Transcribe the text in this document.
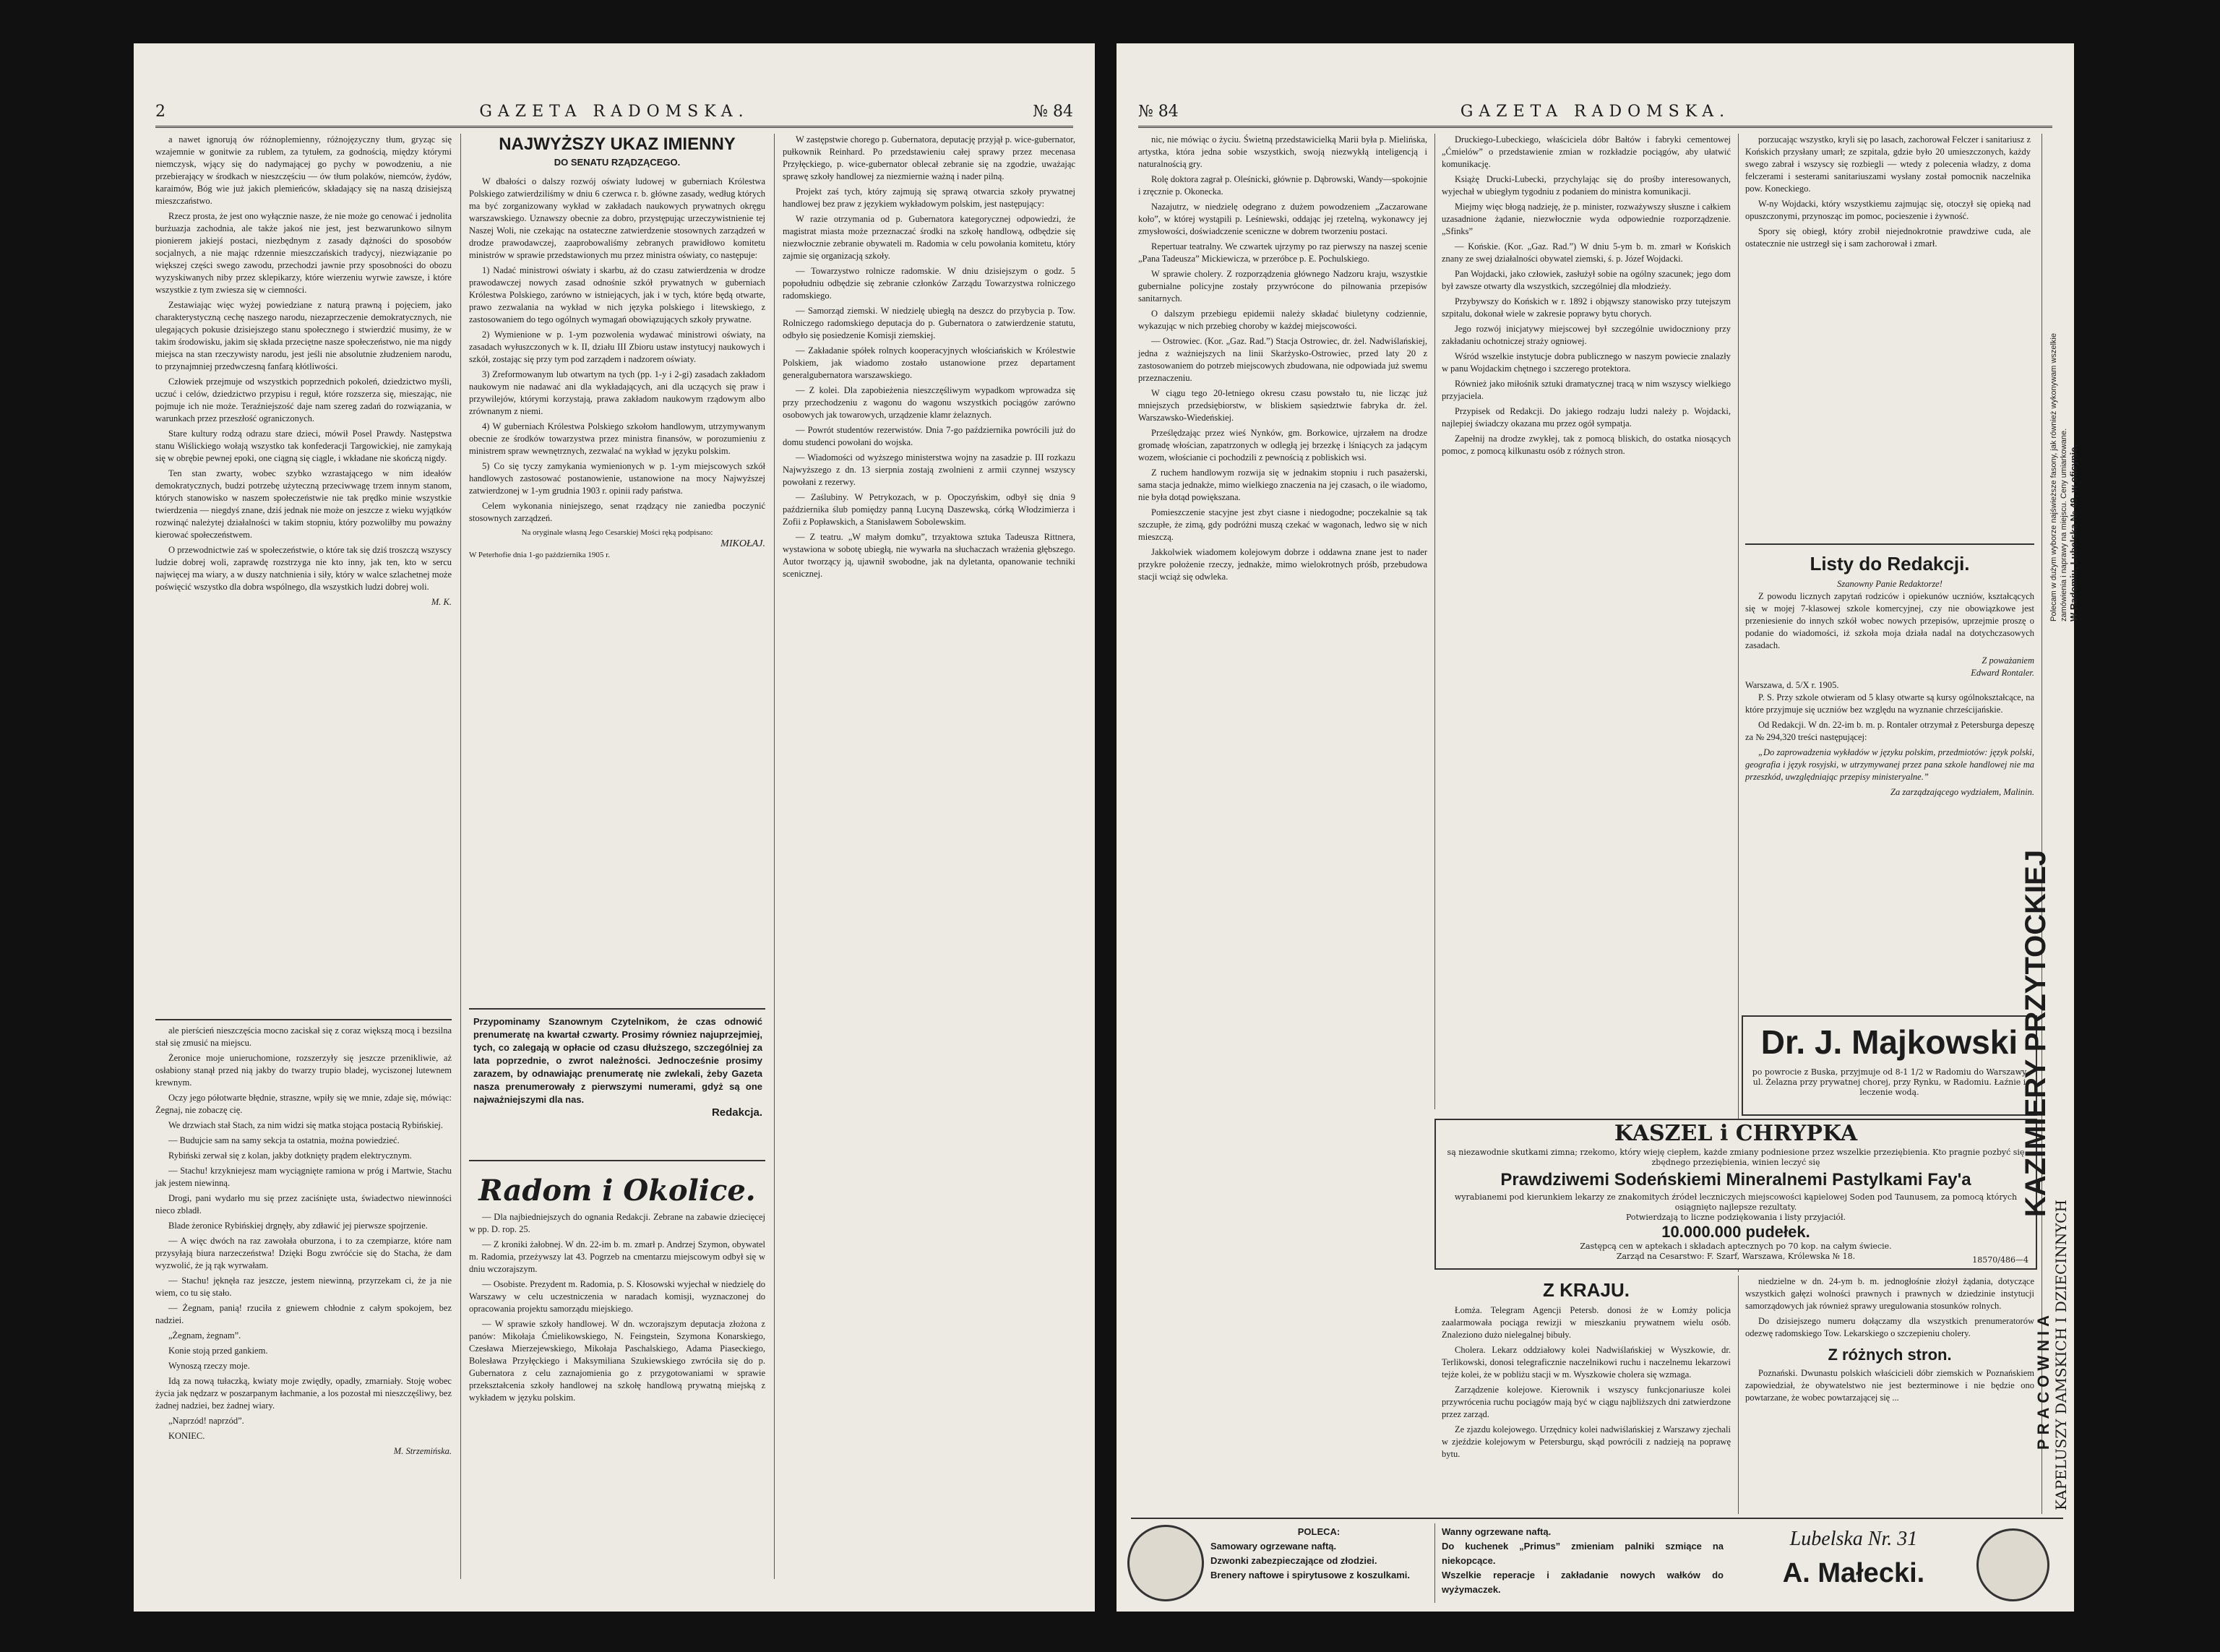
2	GAZETA RADOMSKA.	№ 84

a nawet ignorują ów różnoplemienny, różnojęzyczny tłum, gryząc się wzajemnie w gonitwie za rublem, za tytułem, za godnością, między którymi niemczysk, wjący się do nadymającej go pychy w powodzeniu, a nie przebierający w środkach w nieszczęściu — ów tłum polaków, niemców, żydów, karaimów, Bóg wie już jakich plemieńców, składający się na naszą dzisiejszą mieszczaństwo.

Rzecz prosta, że jest ono wyłącznie nasze, że nie może go cenować i jednolita burżuazja zachodnia, ale także jakoś nie jest, jest bezwarunkowo silnym pionierem jakiejś postaci, niezbędnym z zasady dążności do sposobów socjalnych, a nie mając rdzennie mieszczańskich tradycyj, niezwiązanie po większej części swego zawodu, przechodzi jawnie przy sposobności do obozu wyzyskiwanych niby przez sklepikarzy, które wierzeniu wyrwie zawsze, i które wszystkie z tym zwiesza się w ciemności.

Zestawiając więc wyżej powiedziane z naturą prawną i pojęciem, jako charakterystyczną cechę naszego narodu, niezaprzeczenie demokratycznych, nie ulegających pokusie dzisiejszego stanu społecznego i stwierdzić musimy, że w takim środowisku, jakim się składa przeciętne nasze społeczeństwo, nie ma nigdy miejsca na stan rzeczywisty narodu, jest jeśli nie absolutnie złudzeniem narodu, to przynajmniej przedwczesną fanfarą kłótliwości.

Człowiek przejmuje od wszystkich poprzednich pokoleń, dziedzictwo myśli, uczuć i celów, dziedzictwo przypisu i reguł, które rozszerza się, mieszając, nie pojmuje ich nie może. Teraźniejszość daje nam szereg zadań do rozwiązania, w warunkach przez przeszłość ograniczonych.

Stare kultury rodzą odrazu stare dzieci, mówił Posel Prawdy. Następstwa stanu Wiślickiego wołają wszystko tak konfederacji Targowickiej, nie zamykają się w obrębie pewnej epoki, one ciągną się ciągle, i wkładane nie skończą nigdy.

Ten stan zwarty, wobec szybko wzrastającego w nim ideałów demokratycznych, budzi potrzebę użyteczną przeciwwagę trzem innym stanom, których stanowisko w naszem społeczeństwie nie tak prędko minie wszystkie twierdzenia — niegdyś znane, dziś jednak nie może on jeszcze z wieku wyjątków rozwinąć należytej działalności w takim stopniu, który pozwoliłby mu poważny kierować społeczeństwem.

O przewodnictwie zaś w społeczeństwie, o które tak się dziś troszczą wszyscy ludzie dobrej woli, zaprawdę rozstrzyga nie kto inny, jak ten, kto w sercu najwięcej ma wiary, a w duszy natchnienia i siły, który w walce szlachetnej może poświęcić wszystko dla dobra wspólnego, dla wszystkich ludzi dobrej woli.

M. K.

ale pierścień nieszczęścia mocno zaciskał się z coraz większą mocą i bezsilna stał się zmusić na miejscu.

Żeronice moje unieruchomione, rozszerzyły się jeszcze przenikliwie, aż osłabiony stanął przed nią jakby do twarzy trupio bladej, wyciszonej lutewnem krewnym.

Oczy jego półotwarte błędnie, straszne, wpiły się we mnie, zdaje się, mówiąc: Żegnaj, nie zobaczę cię.

We drzwiach stał Stach, za nim widzi się matka stojąca postacią Rybińskiej.

— Budujcie sam na samy sekcja ta ostatnia, można powiedzieć.

Rybiński zerwał się z kolan, jakby dotknięty prądem elektrycznym.

— Stachu! krzykniejesz mam wyciągnięte ramiona w próg i Martwie, Stachu jak jestem niewinną.

Drogi, pani wydarło mu się przez zaciśnięte usta, świadectwo niewinności nieco zbladł.

Blade żeronice Rybińskiej drgnęły, aby zdławić jej pierwsze spojrzenie.

— A więc dwóch na raz zawołała oburzona, i to za czempiarze, które nam przysyłają biura narzeczeństwa! Dzięki Bogu zwróćcie się do Stacha, że dam wyzwolić, że ją rąk wyrwałam.

— Stachu! jęknęła raz jeszcze, jestem niewinną, przyrzekam ci, że ja nie wiem, co tu się stało.

— Żegnam, panią! rzuciła z gniewem chłodnie z całym spokojem, bez nadziei.

„Żegnam, żegnam”.

Konie stoją przed gankiem.

Wynoszą rzeczy moje.

Idą za nową tułaczką, kwiaty moje zwiędły, opadły, zmarniały. Stoję wobec życia jak nędzarz w poszarpanym łachmanie, a los pozostał mi nieszczęśliwy, bez żadnej nadziei, bez żadnej wiary.

„Naprzód! naprzód”.

KONIEC.

M. Strzemińska.
NAJWYŻSZY UKAZ IMIENNY
DO SENATU RZĄDZĄCEGO.

W dbałości o dalszy rozwój oświaty ludowej w guberniach Królestwa Polskiego zatwierdziliśmy w dniu 6 czerwca r. b. główne zasady, według których ma być zorganizowany wykład w zakładach naukowych prywatnych okręgu warszawskiego. Uznawszy obecnie za dobro, przystępując urzeczywistnienie tej Naszej Woli, nie czekając na ostateczne zatwierdzenie stosownych zarządzeń w drodze prawodawczej, zaaprobowaliśmy zebranych prawidłowo komitetu ministrów w sprawie przedstawionych mu przez ministra oświaty, co następuje:

1) Nadać ministrowi oświaty i skarbu, aż do czasu zatwierdzenia w drodze prawodawczej nowych zasad odnośnie szkół prywatnych w guberniach Królestwa Polskiego, zarówno w istniejących, jak i w tych, które będą otwarte, prawo zezwalania na wykład w nich języka polskiego i litewskiego, z zastosowaniem do tego ogólnych wymagań obowiązujących szkoły prywatne.

2) Wymienione w p. 1-ym pozwolenia wydawać ministrowi oświaty, na zasadach wyłuszczonych w k. II, działu III Zbioru ustaw instytucyj naukowych i szkół, zostając się przy tym pod zarządem i nadzorem oświaty.

3) Zreformowanym lub otwartym na tych (pp. 1-y i 2-gi) zasadach zakładom naukowym nie nadawać ani dla wykładających, ani dla uczących się praw i przywilejów, którymi korzystają, prawa zakładom naukowym rządowym albo zrównanym z niemi.

4) W guberniach Królestwa Polskiego szkołom handlowym, utrzymywanym obecnie ze środków towarzystwa przez ministra finansów, w porozumieniu z ministrem spraw wewnętrznych, zezwalać na wykład w języku polskim.

5) Co się tyczy zamykania wymienionych w p. 1-ym miejscowych szkół handlowych zastosować postanowienie, ustanowione na mocy Najwyższej zatwierdzonej w 1-ym grudnia 1903 r. opinii rady państwa.

Celem wykonania niniejszego, senat rządzący nie zaniedba poczynić stosownych zarządzeń.

Na oryginale własną Jego Cesarskiej Mości ręką podpisano:
MIKOŁAJ.
W Peterhofie dnia 1-go października 1905 r.
Przypominamy Szanownym Czytelnikom, że czas odnowić prenumeratę na kwartał czwarty. Prosimy równiez najuprzejmiej, tych, co zalegają w opłacie od czasu dłuższego, szczególniej za lata poprzednie, o zwrot należności. Jednocześnie prosimy zarazem, by odnawiając prenumeratę nie zwlekali, żeby Gazeta nasza prenumerowały z pierwszymi numerami, gdyż są one najważniejszymi dla nas.
Redakcja.
Radom i Okolice.

— Dla najbiedniejszych do ognania Redakcji. Zebrane na zabawie dziecięcej w pp. D. rop. 25.

— Z kroniki żałobnej. W dn. 22-im b. m. zmarł p. Andrzej Szymon, obywatel m. Radomia, przeżywszy lat 43. Pogrzeb na cmentarzu miejscowym odbył się w dniu wczorajszym.

— Osobiste. Prezydent m. Radomia, p. S. Kłosowski wyjechał w niedzielę do Warszawy w celu uczestniczenia w naradach komisji, wyznaczonej do opracowania projektu samorządu miejskiego.

— W sprawie szkoły handlowej. W dn. wczorajszym deputacja złożona z panów: Mikołaja Ćmielikowskiego, N. Feingstein, Szymona Konarskiego, Czesława Mierzejewskiego, Mikołaja Paschalskiego, Adama Piaseckiego, Bolesława Przyłęckiego i Maksymiliana Szukiewskiego zwróciła się do p. Gubernatora z celu zaznajomienia go z przygotowaniami w sprawie przekształcenia szkoły handlowej na szkołę handlową prywatną miejską z wykładem w języku polskim.

W zastępstwie chorego p. Gubernatora, deputację przyjął p. wice-gubernator, pułkownik Reinhard. Po przedstawieniu całej sprawy przez mecenasa Przyłęckiego, p. wice-gubernator oblecał zebranie się na zgodzie, uważając sprawę szkoły handlowej za niezmiernie ważną i nader pilną.

Projekt zaś tych, który zajmują się sprawą otwarcia szkoły prywatnej handlowej bez praw z językiem wykładowym polskim, jest następujący:

W razie otrzymania od p. Gubernatora kategorycznej odpowiedzi, że magistrat miasta może przeznaczać środki na szkołę handlową, odbędzie się niezwłocznie zebranie obywateli m. Radomia w celu powołania komitetu, który zajmie się organizacją szkoły.

— Towarzystwo rolnicze radomskie. W dniu dzisiejszym o godz. 5 popołudniu odbędzie się zebranie członków Zarządu Towarzystwa rolniczego radomskiego.

— Samorząd ziemski. W niedzielę ubiegłą na deszcz do przybycia p. Tow. Rolniczego radomskiego deputacja do p. Gubernatora o zatwierdzenie statutu, odbyło się posiedzenie Komisji ziemskiej.

— Zakładanie spółek rolnych kooperacyjnych włościańskich w Królestwie Polskiem, jak wiadomo zostało ustanowione przez departament generalgubernatora warszawskiego.

— Z kolei. Dla zapobieżenia nieszczęśliwym wypadkom wprowadza się przy przechodzeniu z wagonu do wagonu wszystkich pociągów zarówno osobowych jak towarowych, urządzenie klamr żelaznych.

— Powrót studentów rezerwistów. Dnia 7-go października powrócili już do domu studenci powołani do wojska.

— Wiadomości od wyższego ministerstwa wojny na zasadzie p. III rozkazu Najwyższego z dn. 13 sierpnia zostają zwolnieni z armii czynnej wszyscy powołani z rezerwy.

— Zaślubiny. W Petrykozach, w p. Opoczyńskim, odbył się dnia 9 października ślub pomiędzy panną Lucyną Daszewską, córką Włodzimierza i Zofii z Popławskich, a Stanisławem Sobolewskim.

— Z teatru. „W małym domku”, trzyaktowa sztuka Tadeusza Rittnera, wystawiona w sobotę ubiegłą, nie wywarła na słuchaczach wrażenia głębszego. Autor tworzący ją, ujawnił swobodne, jak na dyletanta, opanowanie techniki scenicznej.

№ 84	GAZETA RADOMSKA.

nic, nie mówiąc o życiu. Świetną przedstawicielką Marii była p. Mielińska, artystka, która jedna sobie wszystkich, swoją niezwykłą inteligencją i naturalnością gry.

Rolę doktora zagrał p. Oleśnicki, głównie p. Dąbrowski, Wandy—spokojnie i zręcznie p. Okonecka.

Nazajutrz, w niedzielę odegrano z dużem powodzeniem „Zaczarowane koło”, w której wystąpili p. Leśniewski, oddając jej rzetelną, wykonawcy jej zmysłowości, doświadczenie sceniczne w dobrem tworzeniu postaci.

Repertuar teatralny. We czwartek ujrzymy po raz pierwszy na naszej scenie „Pana Tadeusza” Mickiewicza, w przeróbce p. E. Pochulskiego.

W sprawie cholery. Z rozporządzenia głównego Nadzoru kraju, wszystkie gubernialne policyjne zostały przywrócone do pilnowania przepisów sanitarnych.

O dalszym przebiegu epidemii należy składać biuletyny codziennie, wykazując w nich przebieg choroby w każdej miejscowości.

— Ostrowiec. (Kor. „Gaz. Rad.”) Stacja Ostrowiec, dr. żel. Nadwiślańskiej, jedna z ważniejszych na linii Skarżysko-Ostrowiec, przed laty 20 z zastosowaniem do potrzeb miejscowych zbudowana, nie odpowiada już swemu przeznaczeniu.

W ciągu tego 20-letniego okresu czasu powstało tu, nie licząc już mniejszych przedsiębiorstw, w bliskiem sąsiedztwie fabryka dr. żel. Warszawsko-Wiedeńskiej.

Prześlędzając przez wieś Nynków, gm. Borkowice, ujrzałem na drodze gromadę włościan, zapatrzonych w odległą jej brzezkę i lśniących za jadącym wozem, włościanie ci pochodzili z pewnością z pobliskich wsi.

Z ruchem handlowym rozwija się w jednakim stopniu i ruch pasażerski, sama stacja jednakże, mimo wielkiego znaczenia na jej czasach, o ile wiadomo, nie była dotąd powiększana.

Pomieszczenie stacyjne jest zbyt ciasne i niedogodne; poczekalnie są tak szczupłe, że zimą, gdy podróżni muszą czekać w wagonach, ledwo się w nich mieszczą.

Jakkolwiek wiadomem kolejowym dobrze i oddawna znane jest to nader przykre położenie rzeczy, jednakże, mimo wielokrotnych próśb, przebudowa stacji wciąż się odwleka.

Druckiego-Lubeckiego, właściciela dóbr Bałtów i fabryki cementowej „Ćmielów” o przedstawienie zmian w rozkładzie pociągów, aby ułatwić komunikację.

Książę Drucki-Lubecki, przychylając się do prośby interesowanych, wyjechał w ubiegłym tygodniu z podaniem do ministra komunikacji.

Miejmy więc błogą nadzieję, że p. minister, rozważywszy słuszne i całkiem uzasadnione żądanie, niezwłocznie wyda odpowiednie rozporządzenie. „Sfinks”

— Końskie. (Kor. „Gaz. Rad.”) W dniu 5-ym b. m. zmarł w Końskich znany ze swej działalności obywatel ziemski, ś. p. Józef Wojdacki.

Pan Wojdacki, jako człowiek, zasłużył sobie na ogólny szacunek; jego dom był zawsze otwarty dla wszystkich, szczególniej dla młodzieży.

Przybywszy do Końskich w r. 1892 i objąwszy stanowisko przy tutejszym szpitalu, dokonał wiele w zakresie poprawy bytu chorych.

Jego rozwój inicjatywy miejscowej był szczególnie uwidoczniony przy zakładaniu ochotniczej straży ogniowej.

Wśród wszelkie instytucje dobra publicznego w naszym powiecie znalazły w panu Wojdackim chętnego i szczerego protektora.

Również jako miłośnik sztuki dramatycznej tracą w nim wszyscy wielkiego przyjaciela.

Przypisek od Redakcji. Do jakiego rodzaju ludzi należy p. Wojdacki, najlepiej świadczy okazana mu przez ogół sympatja.

Zapełnij na drodze zwykłej, tak z pomocą bliskich, do ostatka niosących pomoc, z pomocą kilkunastu osób z różnych stron.

porzucając wszystko, kryli się po lasach, zachorował Felczer i sanitariusz z Końskich przysłany umarł; ze szpitala, gdzie było 20 umieszczonych, każdy swego zabrał i wszyscy się rozbiegli — wtedy z polecenia władzy, z doma felczerami i sesterami sanitariuszami wysłany został pomocnik naczelnika pow. Koneckiego.

W-ny Wojdacki, który wszystkiemu zajmując się, otoczył się opieką nad opuszczonymi, przynosząc im pomoc, pocieszenie i żywność.

Spory się obiegł, który zrobił niejednokrotnie prawdziwe cuda, ale ostatecznie nie ustrzegł się i sam zachorował i zmarł.

Listy do Redakcji.
Szanowny Panie Redaktorze!

Z powodu licznych zapytań rodziców i opiekunów uczniów, kształcących się w mojej 7-klasowej szkole komercyjnej, czy nie obowiązkowe jest przeniesienie do innych szkół wobec nowych przepisów, uprzejmie proszę o podanie do wiadomości, iż szkoła moja działa nadal na dotychczasowych zasadach.

Z poważaniem
Edward Rontaler.
Warszawa, d. 5/X r. 1905.

P. S. Przy szkole otwieram od 5 klasy otwarte są kursy ogólnokształcące, na które przyjmuje się uczniów bez względu na wyznanie chrześcijańskie.

Od Redakcji. W dn. 22-im b. m. p. Rontaler otrzymał z Petersburga depeszę za № 294,320 treści następującej:

„Do zaprowadzenia wykładów w języku polskim, przedmiotów: język polski, geografia i język rosyjski, w utrzymywanej przez pana szkole handlowej nie ma przeszkód, uwzględniając przepisy ministeryalne.”

Za zarządzającego wydziałem, Malinin.
Dr. J. Majkowski
po powrocie z Buska, przyjmuje od 8-1 1/2 w Radomiu do Warszawy ul. Żelazna przy prywatnej chorej, przy Rynku, w Radomiu. Łaźnie i leczenie wodą.
KASZEL i CHRYPKA
są niezawodnie skutkami zimna; rzekomo, który wieję ciepłem, każde zmiany podniesione przez wszelkie przeziębienia. Kto pragnie pozbyć się zbędnego przeziębienia, winien leczyć się
Prawdziwemi Sodeńskiemi Mineralnemi Pastylkami Fay'a
wyrabianemi pod kierunkiem lekarzy ze znakomitych źródeł leczniczych miejscowości kąpielowej Soden pod Taunusem, za pomocą których osiągnięto najlepsze rezultaty.
Potwierdzają to liczne podziękowania i listy przyjaciół.
10.000.000 pudełek.
Zastępcą cen w aptekach i składach aptecznych po 70 kop. na całym świecie.
Zarząd na Cesarstwo: F. Szarf, Warszawa, Królewska № 18.	18570/486—4
Z KRAJU.

Łomża. Telegram Agencji Petersb. donosi że w Łomży policja zaalarmowała pociąga rewizji w mieszkaniu prywatnem wielu osób. Znaleziono dużo nielegalnej bibuły.

Cholera. Lekarz oddziałowy kolei Nadwiślańskiej w Wyszkowie, dr. Terlikowski, donosi telegraficznie naczelnikowi ruchu i naczelnemu lekarzowi tejże kolei, że w pobliżu stacji w m. Wyszkowie cholera się wzmaga.

Zarządzenie kolejowe. Kierownik i wszyscy funkcjonariusze kolei przywrócenia ruchu pociągów mają być w ciągu najbliższych dni zatwierdzone przez zarząd.

Ze zjazdu kolejowego. Urzędnicy kolei nadwiślańskiej z Warszawy zjechali w zjeździe kolejowym w Petersburgu, skąd powrócili z nadzieją na poprawę bytu.

niedzielne w dn. 24-ym b. m. jednogłośnie złożył żądania, dotyczące wszystkich gałęzi wolności prawnych i prawnych w dziedzinie instytucji samorządowych jak również sprawy uregulowania stosunków rolnych.

Do dzisiejszego numeru dołączamy dla wszystkich prenumeratorów odezwę radomskiego Tow. Lekarskiego o szczepieniu cholery.

Z różnych stron.

Poznański. Dwunastu polskich właścicieli dóbr ziemskich w Poznańskiem zapowiedział, że obywatelstwo nie jest bezterminowe i nie będzie ono powtarzane, że wobec powtarzającej się ...

Polecam w dużym wyborze najświeższe fasony, jak również wykonywam wszelkie zamówienia i naprawy na miejscu. Ceny umiarkowane. W Radomiu, Lubelska № 49, w oficynie.
KAZIMIERY PRZYTOCKIEJ
KAPELUSZY DAMSKICH I DZIECINNYCH
PRACOWNIA
POLECA:
Samowary ogrzewane naftą.
Dzwonki zabezpieczające od złodziei.
Brenery naftowe i spirytusowe z koszulkami.
Wanny ogrzewane naftą.
Do kuchenek „Primus” zmieniam palniki szmiące na niekopcące.
Wszelkie reperacje i zakładanie nowych wałków do wyżymaczek.
Lubelska Nr. 31
A. Małecki.
